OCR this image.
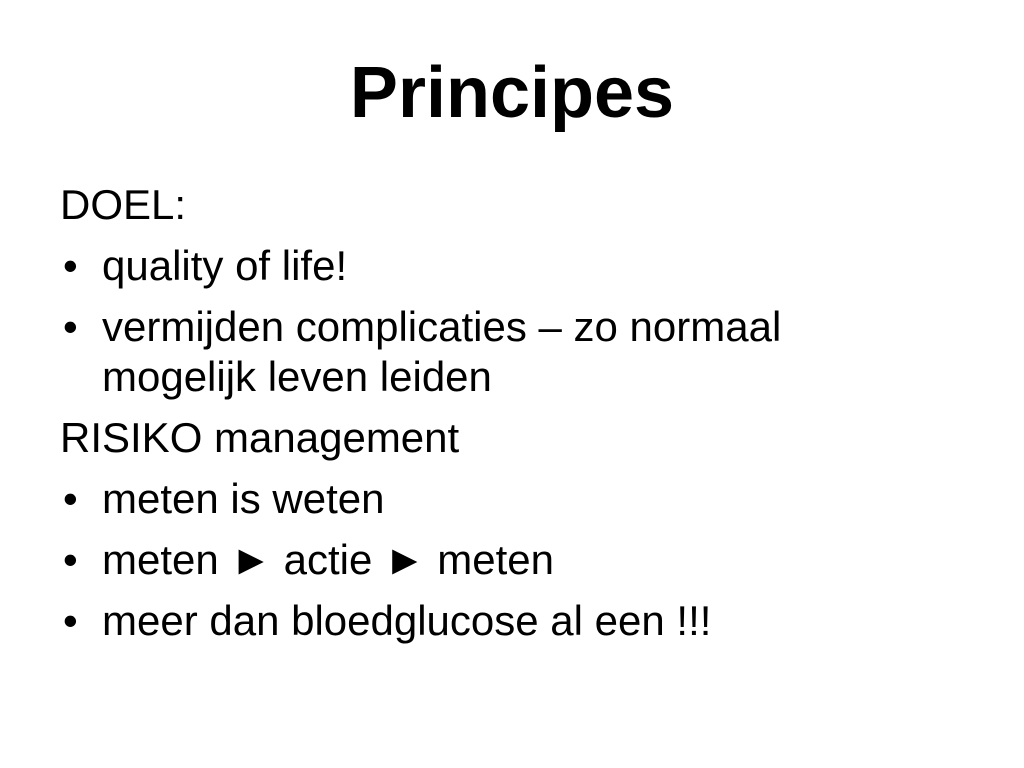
Principes

DOEL:

• quality of life!

• vermijden complicaties – zo normaal mogelijk leven leiden

RISIKO management

• meten is weten

• meten ► actie ► meten

• meer dan bloedglucose al een !!!
